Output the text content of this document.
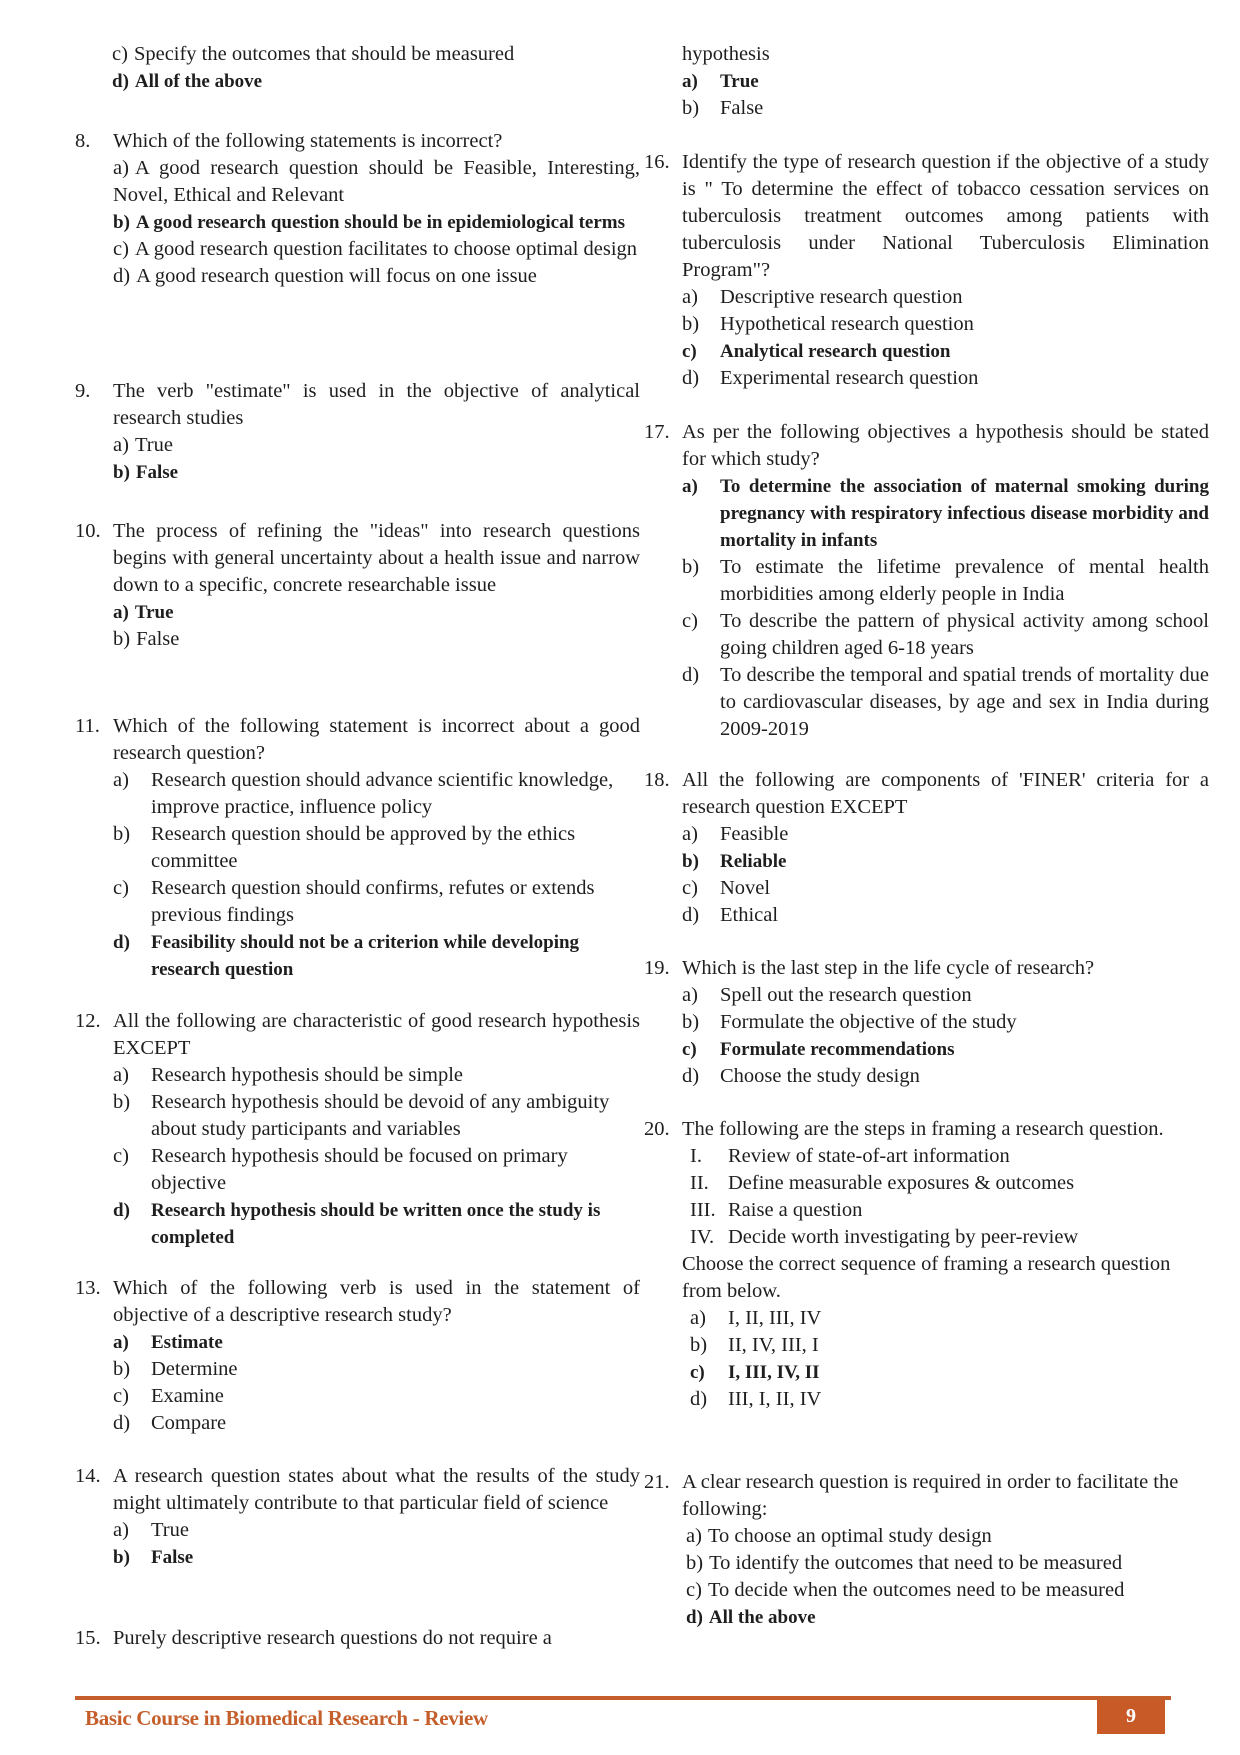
c) Specify the outcomes that should be measured
d) All of the above
8.	Which of the following statements is incorrect?
a) A good research question should be Feasible, Interesting, Novel, Ethical and Relevant
b) A good research question should be in epidemiological terms
c) A good research question facilitates to choose optimal design
d) A good research question will focus on one issue
9.	The verb "estimate" is used in the objective of analytical research studies
a) True
b) False
10. The process of refining the "ideas" into research questions begins with general uncertainty about a health issue and narrow down to a specific, concrete researchable issue
a) True
b) False
11. Which of the following statement is incorrect about a good research question?
a) Research question should advance scientific knowledge, improve practice, influence policy
b) Research question should be approved by the ethics committee
c) Research question should confirms, refutes or extends previous findings
d) Feasibility should not be a criterion while developing research question
12. All the following are characteristic of good research hypothesis EXCEPT
a) Research hypothesis should be simple
b) Research hypothesis should be devoid of any ambiguity about study participants and variables
c) Research hypothesis should be focused on primary objective
d) Research hypothesis should be written once the study is completed
13. Which of the following verb is used in the statement of objective of a descriptive research study?
a) Estimate
b) Determine
c) Examine
d) Compare
14. A research question states about what the results of the study might ultimately contribute to that particular field of science
a) True
b) False
15. Purely descriptive research questions do not require a
hypothesis
a) True
b) False
16. Identify the type of research question if the objective of a study is " To determine the effect of tobacco cessation services on tuberculosis treatment outcomes among patients with tuberculosis under National Tuberculosis Elimination Program"?
a) Descriptive research question
b) Hypothetical research question
c) Analytical research question
d) Experimental research question
17. As per the following objectives a hypothesis should be stated for which study?
a) To determine the association of maternal smoking during pregnancy with respiratory infectious disease morbidity and mortality in infants
b) To estimate the lifetime prevalence of mental health morbidities among elderly people in India
c) To describe the pattern of physical activity among school going children aged 6-18 years
d) To describe the temporal and spatial trends of mortality due to cardiovascular diseases, by age and sex in India during 2009-2019
18. All the following are components of 'FINER' criteria for a research question EXCEPT
a) Feasible
b) Reliable
c) Novel
d) Ethical
19. Which is the last step in the life cycle of research?
a) Spell out the research question
b) Formulate the objective of the study
c) Formulate recommendations
d) Choose the study design
20. The following are the steps in framing a research question.
I. Review of state-of-art information
II. Define measurable exposures & outcomes
III. Raise a question
IV. Decide worth investigating by peer-review
Choose the correct sequence of framing a research question from below.
a) I, II, III, IV
b) II, IV, III, I
c) I, III, IV, II
d) III, I, II, IV
21. A clear research question is required in order to facilitate the following:
a) To choose an optimal study design
b) To identify the outcomes that need to be measured
c) To decide when the outcomes need to be measured
d) All the above
Basic Course in Biomedical Research - Review	9
